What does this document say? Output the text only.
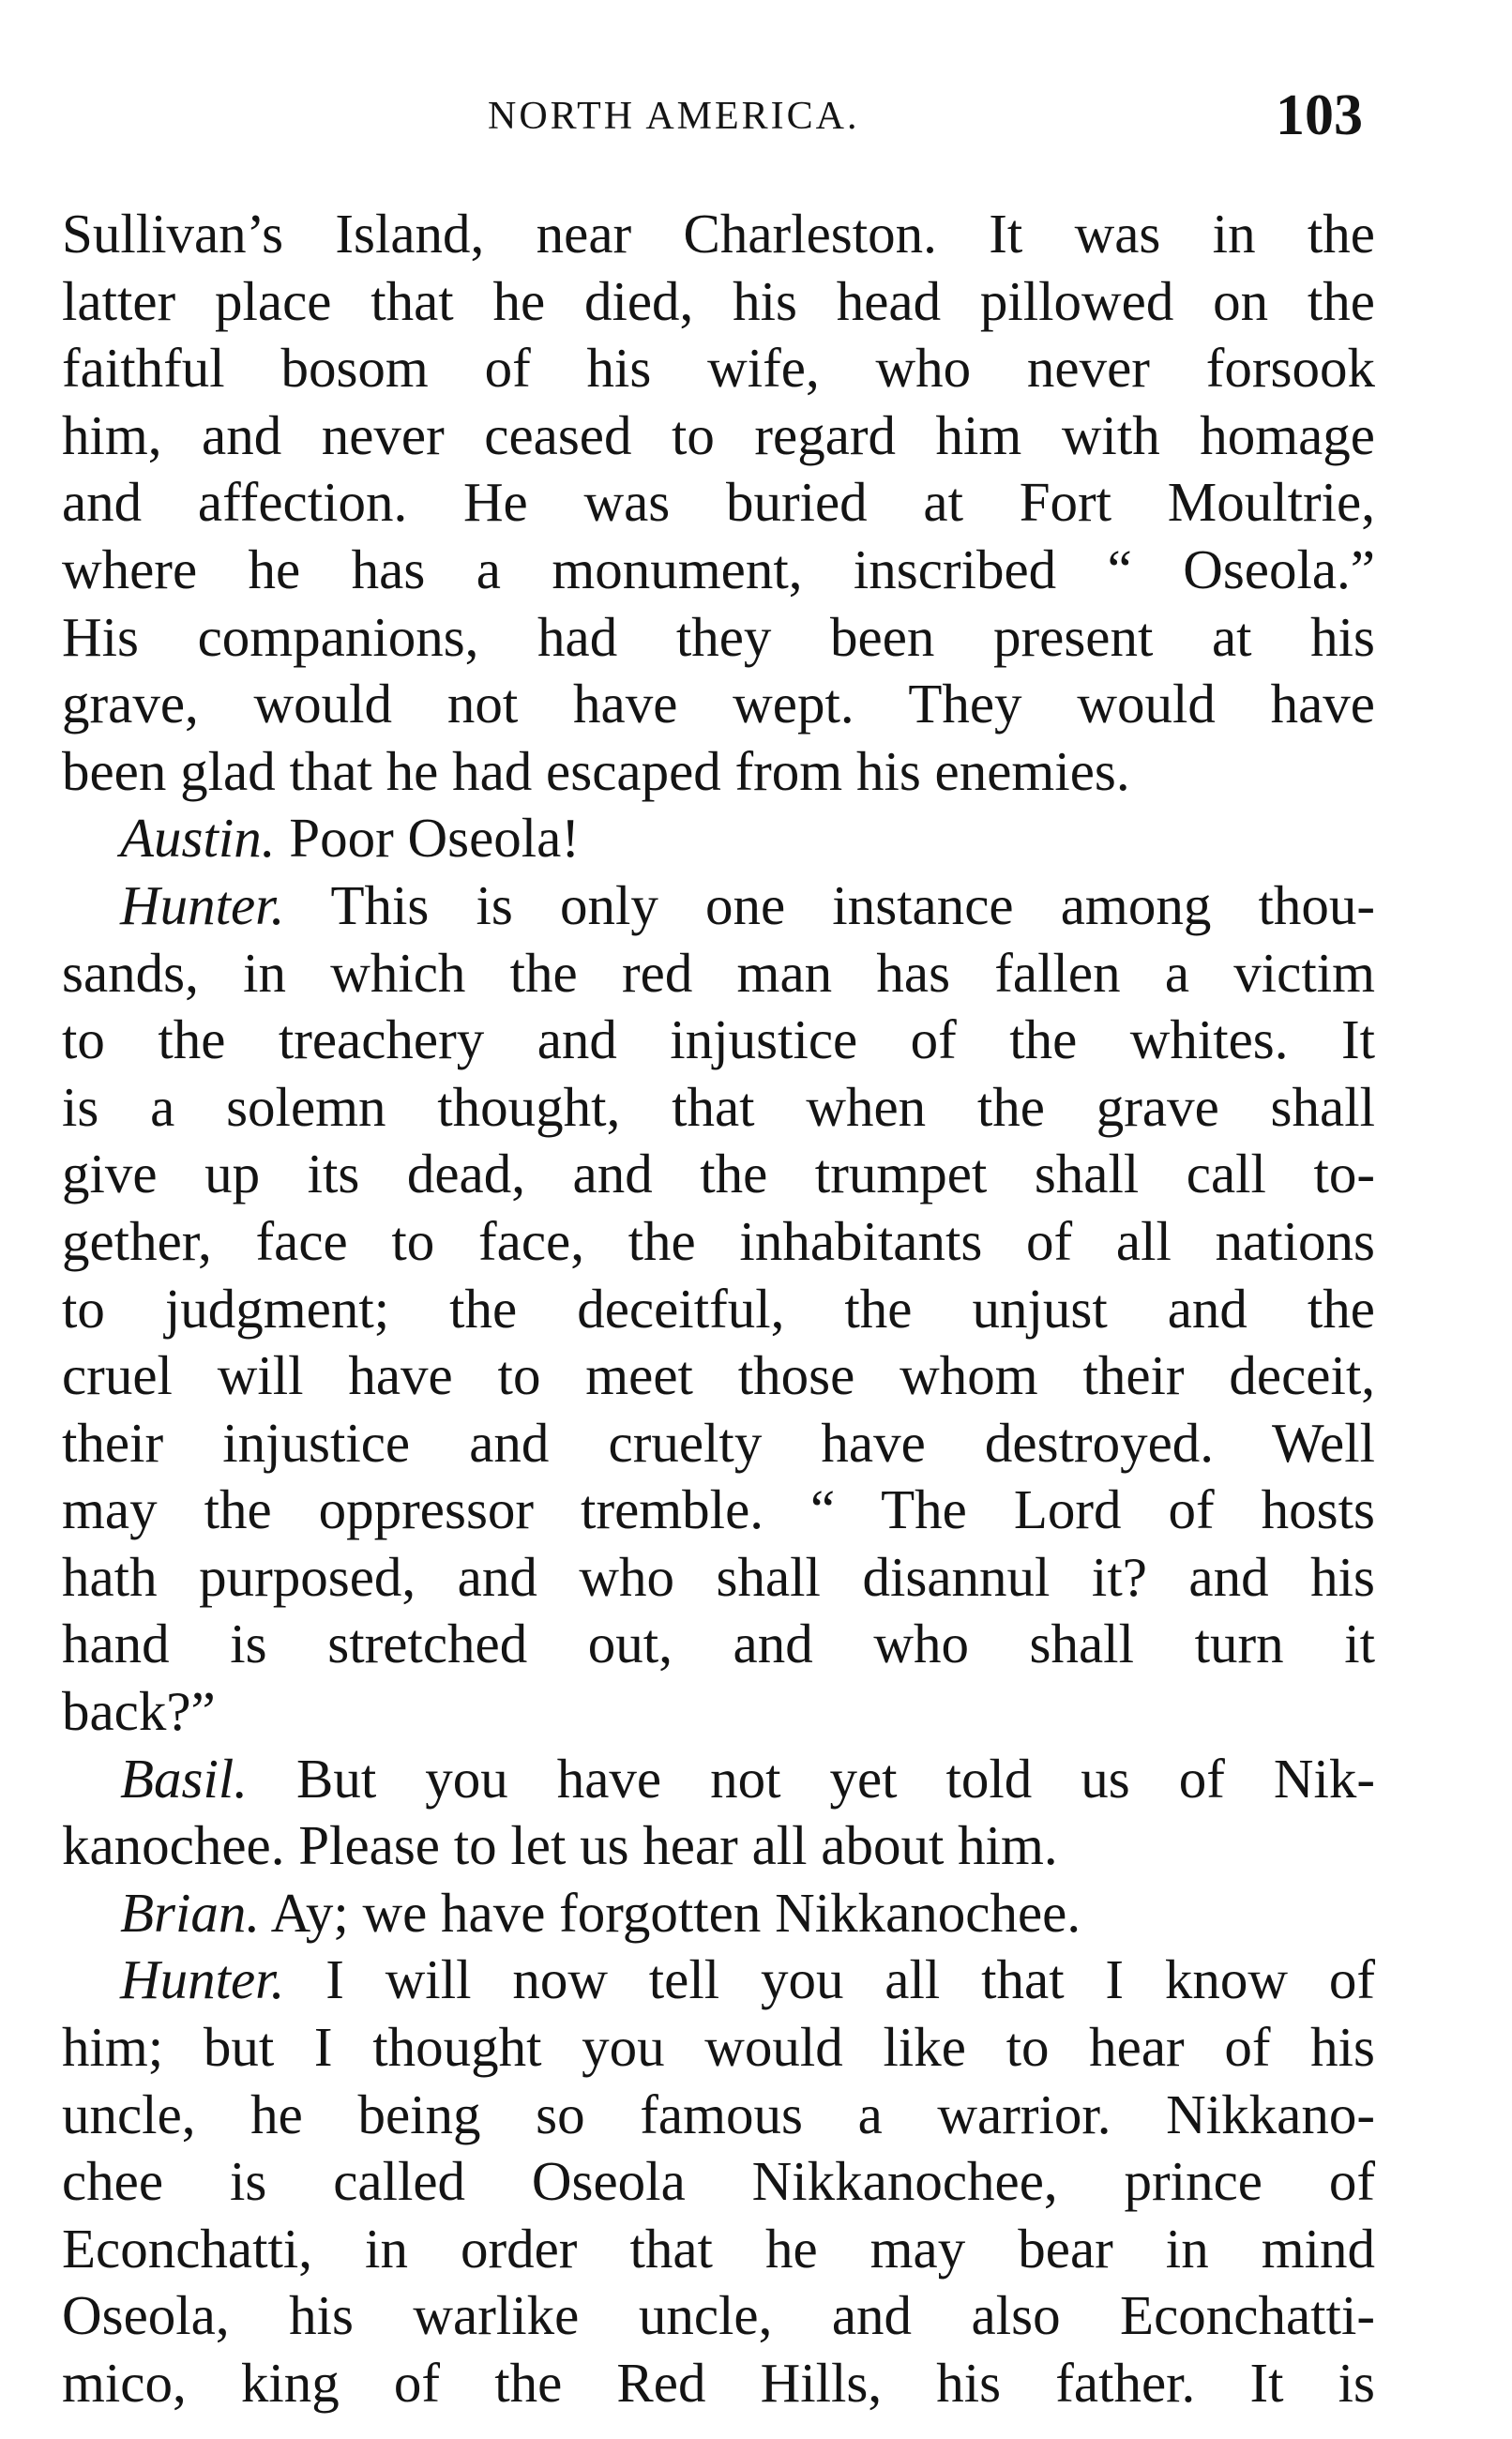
NORTH AMERICA.	103
Sullivan’s Island, near Charleston. It was in the
latter place that he died, his head pillowed on the
faithful bosom of his wife, who never forsook
him, and never ceased to regard him with homage
and affection. He was buried at Fort Moultrie,
where he has a monument, inscribed “ Oseola.”
His companions, had they been present at his
grave, would not have wept. They would have
been glad that he had escaped from his enemies.
Austin. Poor Oseola!
Hunter. This is only one instance among thou-
sands, in which the red man has fallen a victim
to the treachery and injustice of the whites. It
is a solemn thought, that when the grave shall
give up its dead, and the trumpet shall call to-
gether, face to face, the inhabitants of all nations
to judgment; the deceitful, the unjust and the
cruel will have to meet those whom their deceit,
their injustice and cruelty have destroyed. Well
may the oppressor tremble. “ The Lord of hosts
hath purposed, and who shall disannul it? and his
hand is stretched out, and who shall turn it
back?”
Basil. But you have not yet told us of Nik-
kanochee. Please to let us hear all about him.
Brian. Ay; we have forgotten Nikkanochee.
Hunter. I will now tell you all that I know of
him; but I thought you would like to hear of his
uncle, he being so famous a warrior. Nikkano-
chee is called Oseola Nikkanochee, prince of
Econchatti, in order that he may bear in mind
Oseola, his warlike uncle, and also Econchatti-
mico, king of the Red Hills, his father. It is
